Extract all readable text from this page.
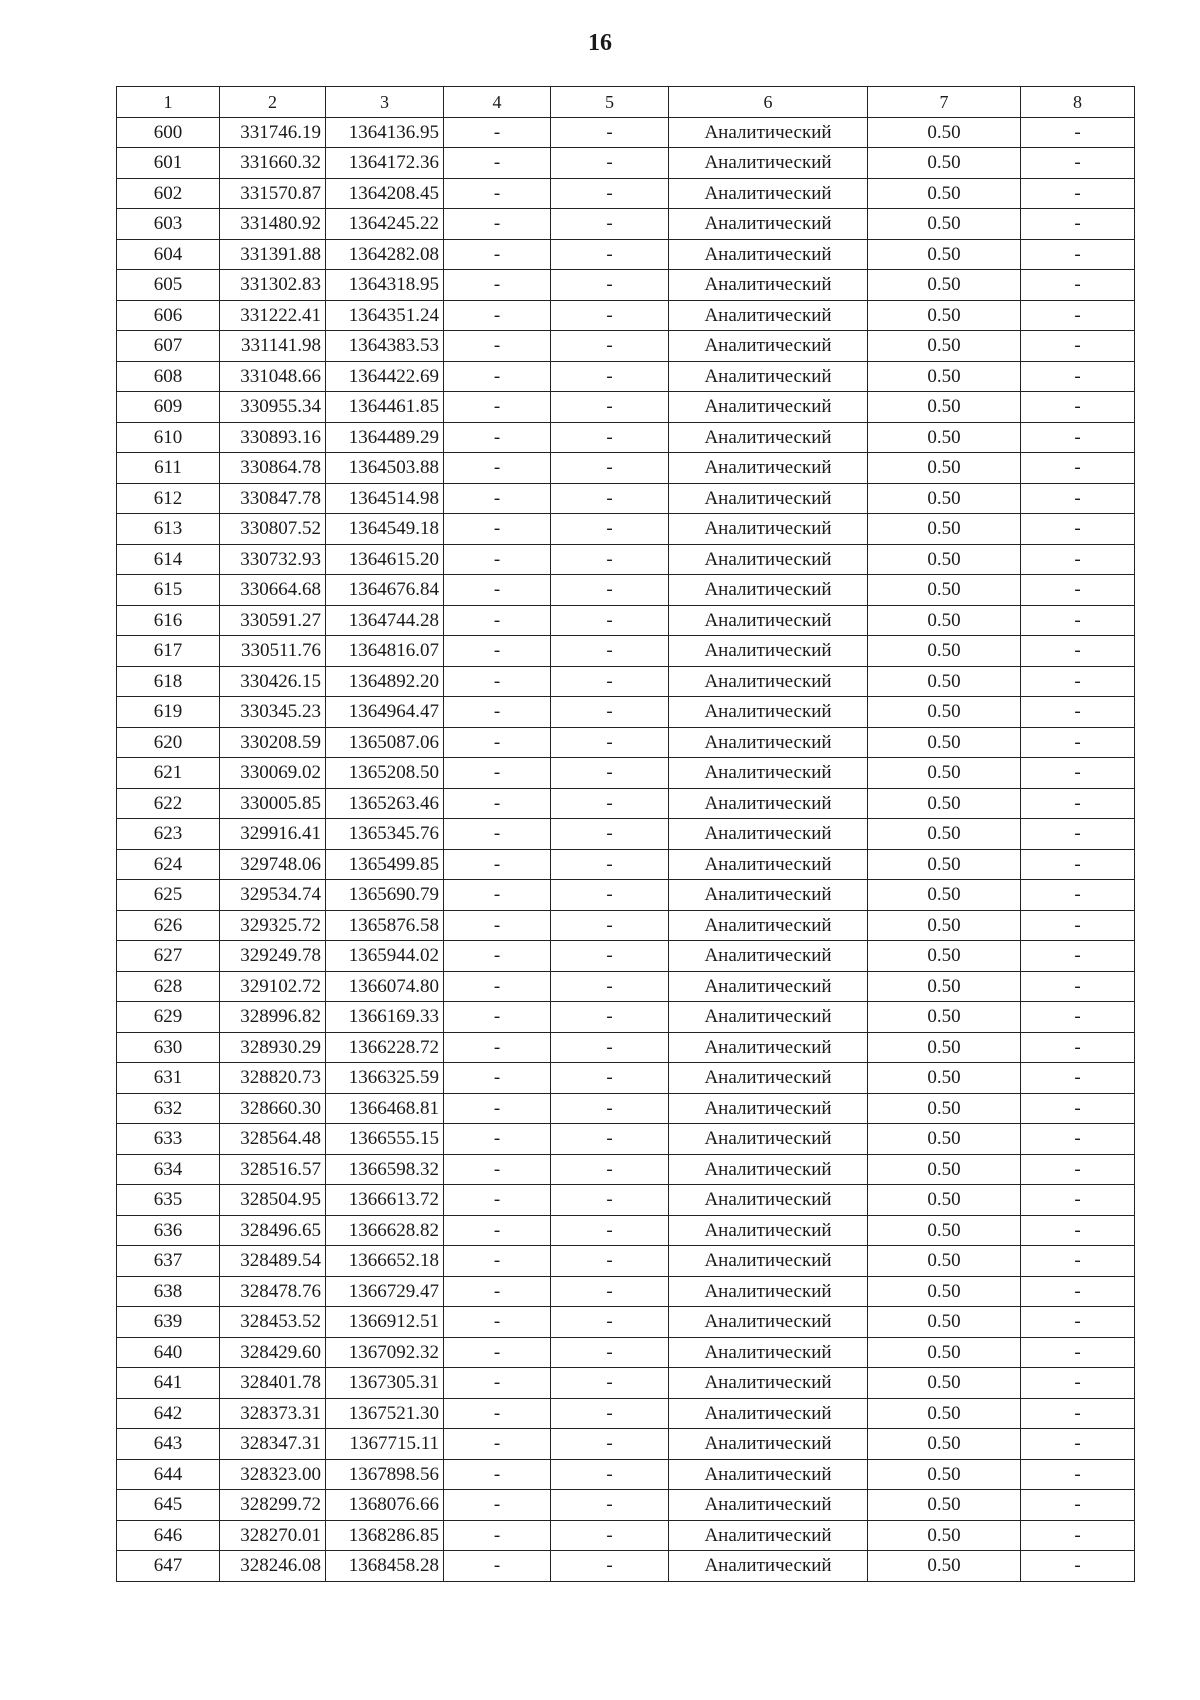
16
1	2	3	4	5	6	7	8
600	331746.19	1364136.95	-	-	Аналитический	0.50	-
601	331660.32	1364172.36	-	-	Аналитический	0.50	-
602	331570.87	1364208.45	-	-	Аналитический	0.50	-
603	331480.92	1364245.22	-	-	Аналитический	0.50	-
604	331391.88	1364282.08	-	-	Аналитический	0.50	-
605	331302.83	1364318.95	-	-	Аналитический	0.50	-
606	331222.41	1364351.24	-	-	Аналитический	0.50	-
607	331141.98	1364383.53	-	-	Аналитический	0.50	-
608	331048.66	1364422.69	-	-	Аналитический	0.50	-
609	330955.34	1364461.85	-	-	Аналитический	0.50	-
610	330893.16	1364489.29	-	-	Аналитический	0.50	-
611	330864.78	1364503.88	-	-	Аналитический	0.50	-
612	330847.78	1364514.98	-	-	Аналитический	0.50	-
613	330807.52	1364549.18	-	-	Аналитический	0.50	-
614	330732.93	1364615.20	-	-	Аналитический	0.50	-
615	330664.68	1364676.84	-	-	Аналитический	0.50	-
616	330591.27	1364744.28	-	-	Аналитический	0.50	-
617	330511.76	1364816.07	-	-	Аналитический	0.50	-
618	330426.15	1364892.20	-	-	Аналитический	0.50	-
619	330345.23	1364964.47	-	-	Аналитический	0.50	-
620	330208.59	1365087.06	-	-	Аналитический	0.50	-
621	330069.02	1365208.50	-	-	Аналитический	0.50	-
622	330005.85	1365263.46	-	-	Аналитический	0.50	-
623	329916.41	1365345.76	-	-	Аналитический	0.50	-
624	329748.06	1365499.85	-	-	Аналитический	0.50	-
625	329534.74	1365690.79	-	-	Аналитический	0.50	-
626	329325.72	1365876.58	-	-	Аналитический	0.50	-
627	329249.78	1365944.02	-	-	Аналитический	0.50	-
628	329102.72	1366074.80	-	-	Аналитический	0.50	-
629	328996.82	1366169.33	-	-	Аналитический	0.50	-
630	328930.29	1366228.72	-	-	Аналитический	0.50	-
631	328820.73	1366325.59	-	-	Аналитический	0.50	-
632	328660.30	1366468.81	-	-	Аналитический	0.50	-
633	328564.48	1366555.15	-	-	Аналитический	0.50	-
634	328516.57	1366598.32	-	-	Аналитический	0.50	-
635	328504.95	1366613.72	-	-	Аналитический	0.50	-
636	328496.65	1366628.82	-	-	Аналитический	0.50	-
637	328489.54	1366652.18	-	-	Аналитический	0.50	-
638	328478.76	1366729.47	-	-	Аналитический	0.50	-
639	328453.52	1366912.51	-	-	Аналитический	0.50	-
640	328429.60	1367092.32	-	-	Аналитический	0.50	-
641	328401.78	1367305.31	-	-	Аналитический	0.50	-
642	328373.31	1367521.30	-	-	Аналитический	0.50	-
643	328347.31	1367715.11	-	-	Аналитический	0.50	-
644	328323.00	1367898.56	-	-	Аналитический	0.50	-
645	328299.72	1368076.66	-	-	Аналитический	0.50	-
646	328270.01	1368286.85	-	-	Аналитический	0.50	-
647	328246.08	1368458.28	-	-	Аналитический	0.50	-
